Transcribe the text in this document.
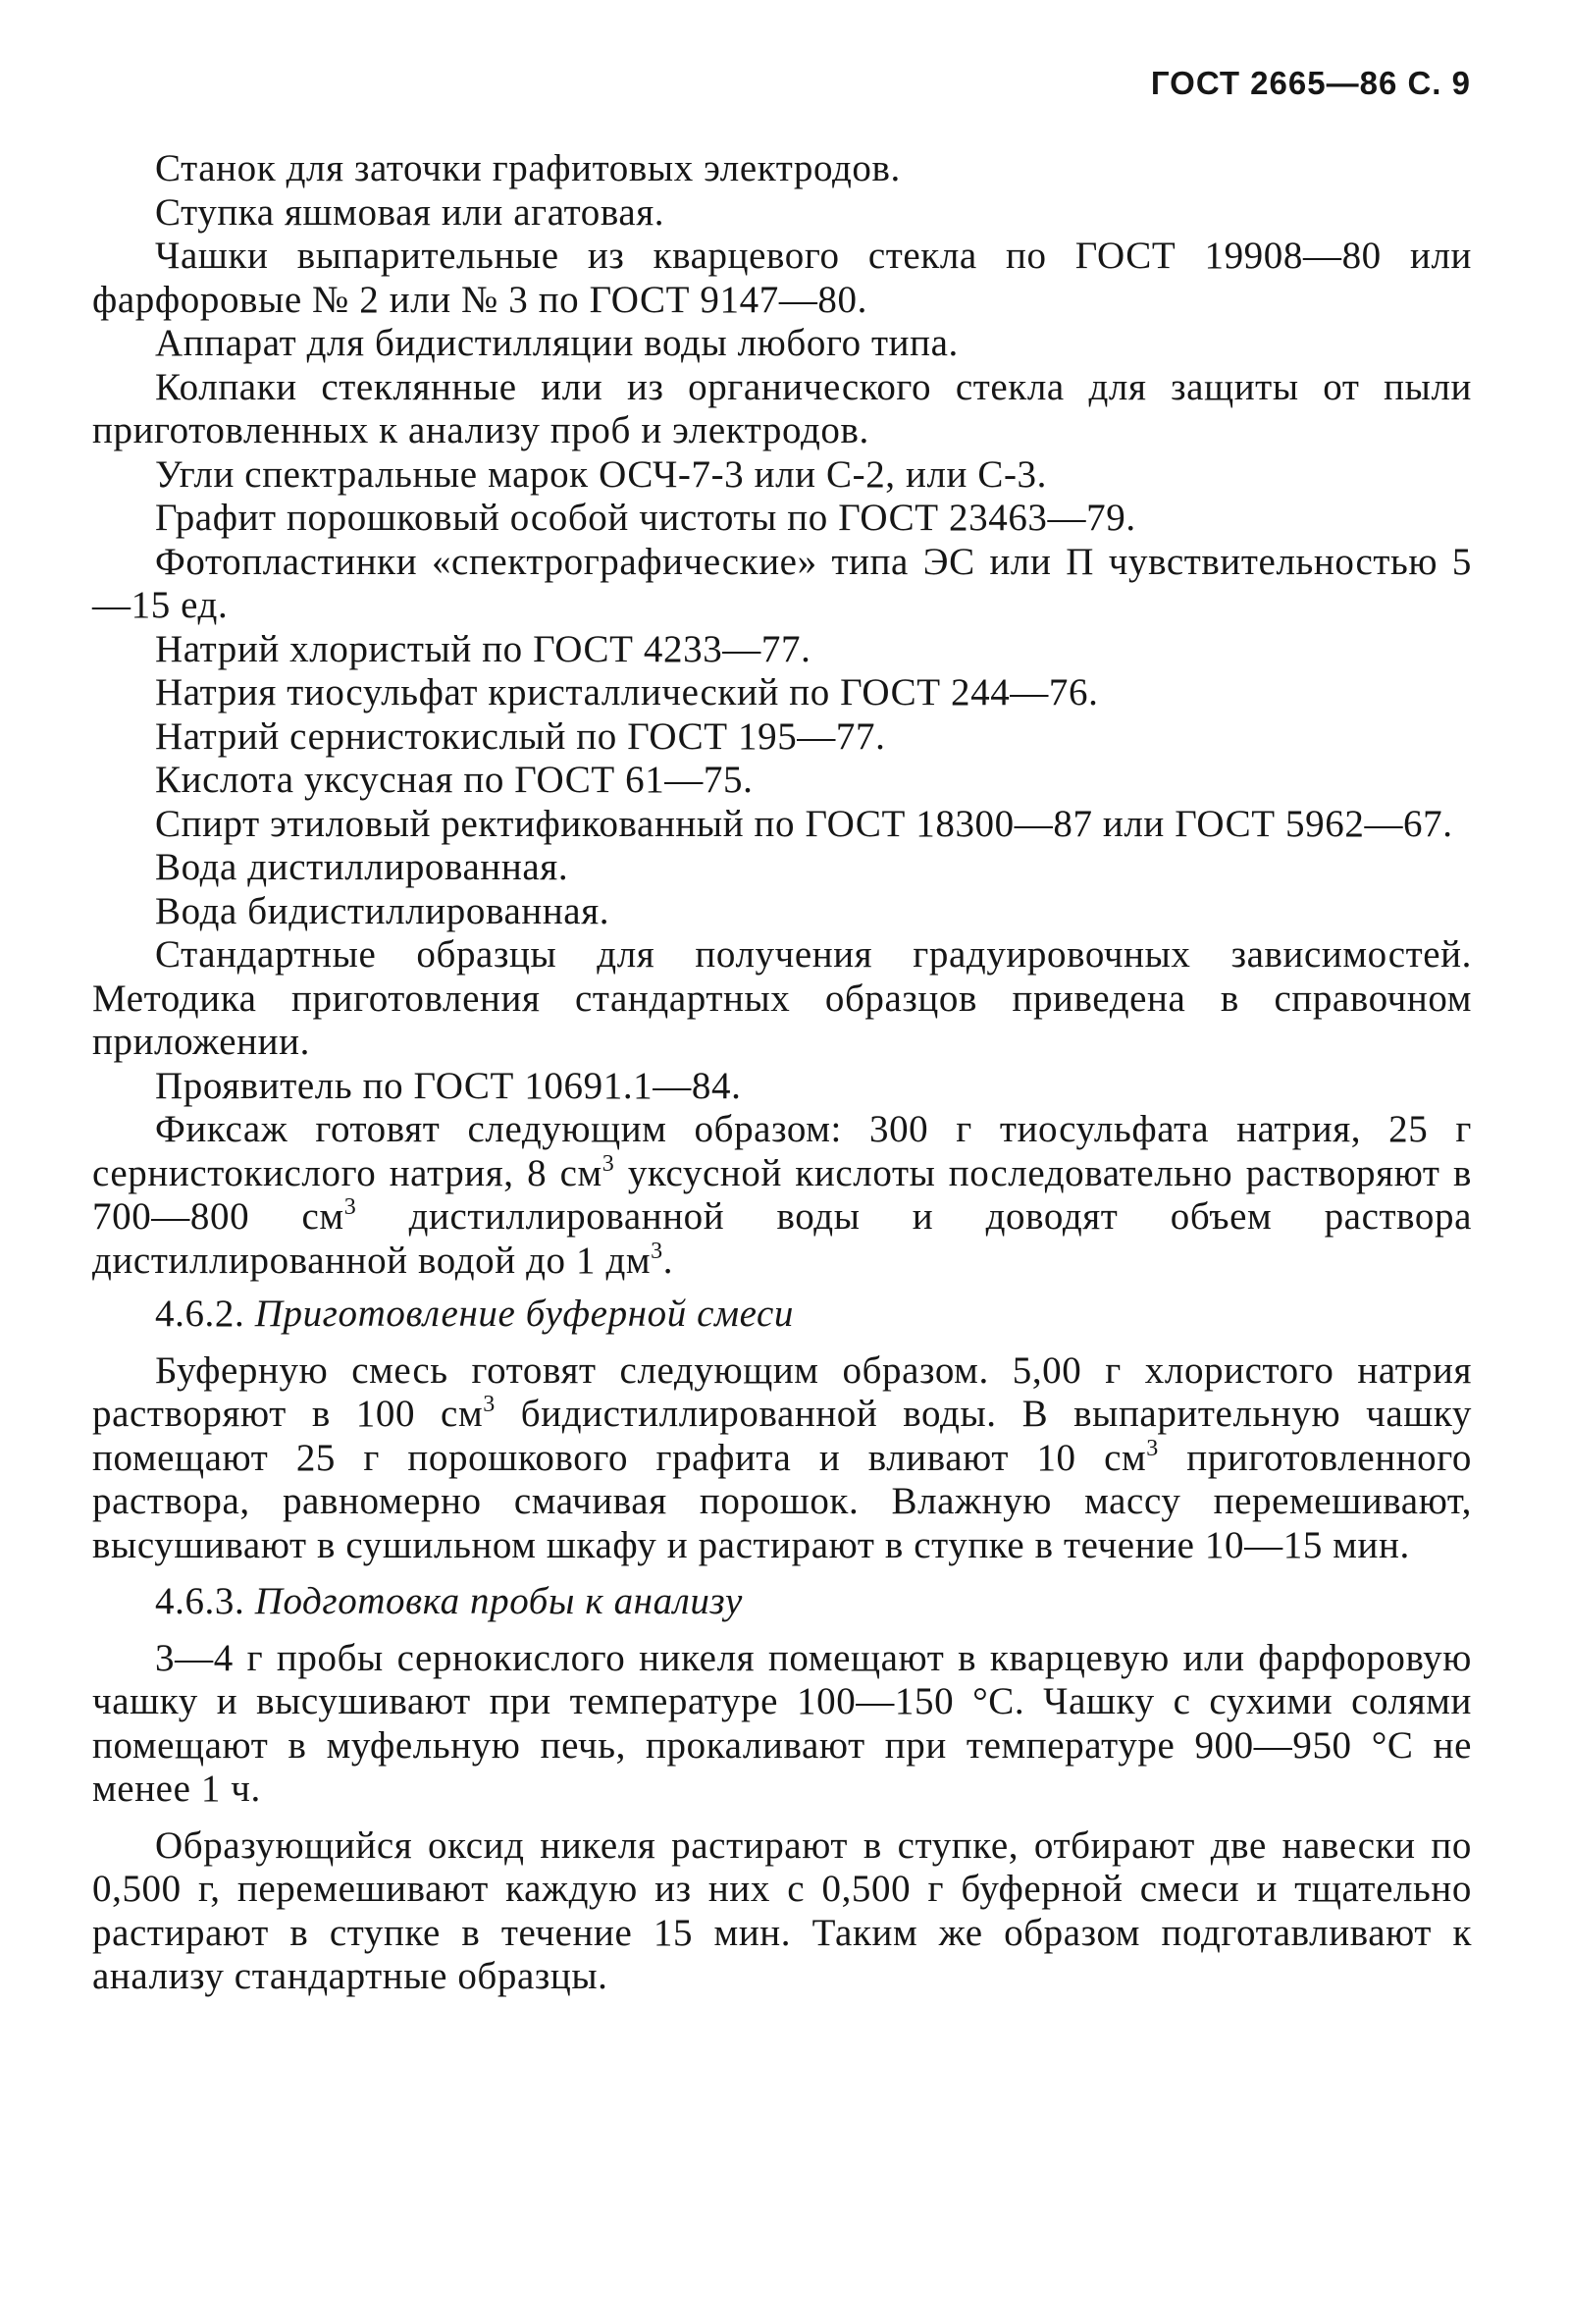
ГОСТ 2665—86 С. 9

Станок для заточки графитовых электродов.

Ступка яшмовая или агатовая.

Чашки выпарительные из кварцевого стекла по ГОСТ 19908—80 или фарфоровые № 2 или № 3 по ГОСТ 9147—80.

Аппарат для бидистилляции воды любого типа.

Колпаки стеклянные или из органического стекла для защиты от пыли приготовленных к анализу проб и электродов.

Угли спектральные марок ОСЧ-7-3 или С-2, или С-3.

Графит порошковый особой чистоты по ГОСТ 23463—79.

Фотопластинки «спектрографические» типа ЭС или П чувствительностью 5—15 ед.

Натрий хлористый по ГОСТ 4233—77.

Натрия тиосульфат кристаллический по ГОСТ 244—76.

Натрий сернистокислый по ГОСТ 195—77.

Кислота уксусная по ГОСТ 61—75.

Спирт этиловый ректификованный по ГОСТ 18300—87 или ГОСТ 5962—67.

Вода дистиллированная.

Вода бидистиллированная.

Стандартные образцы для получения градуировочных зависимостей. Методика приготовления стандартных образцов приведена в справочном приложении.

Проявитель по ГОСТ 10691.1—84.

Фиксаж готовят следующим образом: 300 г тиосульфата натрия, 25 г сернистокислого натрия, 8 $см^3$ уксусной кислоты последовательно растворяют в 700—800 $см^3$ дистиллированной воды и доводят объем раствора дистиллированной водой до 1 $дм^3$.

4.6.2. Приготовление буферной смеси

Буферную смесь готовят следующим образом. 5,00 г хлористого натрия растворяют в 100 $см^3$ бидистиллированной воды. В выпарительную чашку помещают 25 г порошкового графита и вливают 10 $см^3$ приготовленного раствора, равномерно смачивая порошок. Влажную массу перемешивают, высушивают в сушильном шкафу и растирают в ступке в течение 10—15 мин.

4.6.3. Подготовка пробы к анализу

3—4 г пробы сернокислого никеля помещают в кварцевую или фарфоровую чашку и высушивают при температуре 100—150 °С. Чашку с сухими солями помещают в муфельную печь, прокаливают при температуре 900—950 °С не менее 1 ч.

Образующийся оксид никеля растирают в ступке, отбирают две навески по 0,500 г, перемешивают каждую из них с 0,500 г буферной смеси и тщательно растирают в ступке в течение 15 мин. Таким же образом подготавливают к анализу стандартные образцы.
